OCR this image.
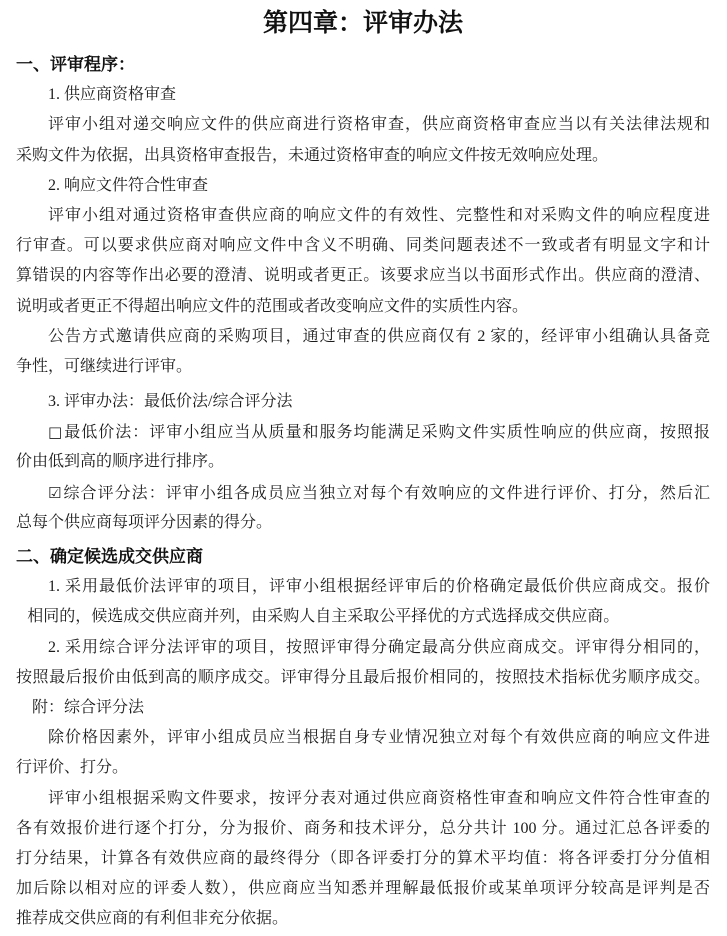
第四章：评审办法
一、评审程序：
1. 供应商资格审查
评审小组对递交响应文件的供应商进行资格审查，供应商资格审查应当以有关法律法规和
采购文件为依据，出具资格审查报告，未通过资格审查的响应文件按无效响应处理。
2. 响应文件符合性审查
评审小组对通过资格审查供应商的响应文件的有效性、完整性和对采购文件的响应程度进
行审查。可以要求供应商对响应文件中含义不明确、同类问题表述不一致或者有明显文字和计
算错误的内容等作出必要的澄清、说明或者更正。该要求应当以书面形式作出。供应商的澄清、
说明或者更正不得超出响应文件的范围或者改变响应文件的实质性内容。
公告方式邀请供应商的采购项目，通过审查的供应商仅有 2 家的，经评审小组确认具备竞
争性，可继续进行评审。
3. 评审办法：最低价法/综合评分法
□最低价法：评审小组应当从质量和服务均能满足采购文件实质性响应的供应商，按照报
价由低到高的顺序进行排序。
☑综合评分法：评审小组各成员应当独立对每个有效响应的文件进行评价、打分，然后汇
总每个供应商每项评分因素的得分。
二、确定候选成交供应商
1. 采用最低价法评审的项目，评审小组根据经评审后的价格确定最低价供应商成交。报价
相同的，候选成交供应商并列，由采购人自主采取公平择优的方式选择成交供应商。
2. 采用综合评分法评审的项目，按照评审得分确定最高分供应商成交。评审得分相同的，
按照最后报价由低到高的顺序成交。评审得分且最后报价相同的，按照技术指标优劣顺序成交。
附：综合评分法
除价格因素外，评审小组成员应当根据自身专业情况独立对每个有效供应商的响应文件进
行评价、打分。
评审小组根据采购文件要求，按评分表对通过供应商资格性审查和响应文件符合性审查的
各有效报价进行逐个打分，分为报价、商务和技术评分，总分共计 100 分。通过汇总各评委的
打分结果，计算各有效供应商的最终得分（即各评委打分的算术平均值：将各评委打分分值相
加后除以相对应的评委人数），供应商应当知悉并理解最低报价或某单项评分较高是评判是否
推荐成交供应商的有利但非充分依据。
